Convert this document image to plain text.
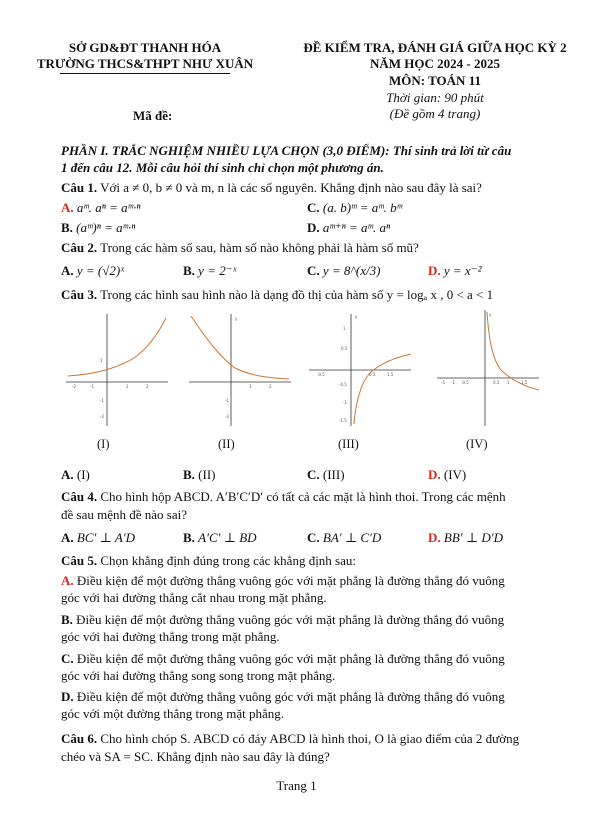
SỞ GD&ĐT THANH HÓA
TRƯỜNG THCS&THPT NHƯ XUÂN
ĐỀ KIỂM TRA, ĐÁNH GIÁ GIỮA HỌC KỲ 2
NĂM HỌC 2024 - 2025
MÔN: TOÁN 11
Thời gian: 90 phút
(Đề gồm 4 trang)
Mã đề:
PHẦN I. TRẮC NGHIỆM NHIỀU LỰA CHỌN (3,0 ĐIỂM): Thí sinh trả lời từ câu
1 đến câu 12. Mỗi câu hỏi thí sinh chỉ chọn một phương án.
Câu 1. Với a ≠ 0, b ≠ 0 và m, n là các số nguyên. Khẳng định nào sau đây là sai?
A. aᵐ. aⁿ = aᵐ·ⁿ	C. (a. b)ᵐ = aᵐ. bᵐ
B. (aᵐ)ⁿ = aᵐ·ⁿ	D. aᵐ⁺ⁿ = aᵐ. aⁿ
Câu 2. Trong các hàm số sau, hàm số nào không phải là hàm số mũ?
A. y = (√2)ˣ	B. y = 2⁻ˣ	C. y = 8^(x/3)	D. y = x⁻²
Câu 3. Trong các hình sau hình nào là dạng đồ thị của hàm số y = logₐ x , 0 < a < 1
-2	-1	1	2
1
-1
-2
(I)
y
1	2
-1
-2
(II)
y
1
0.5
-0.5
-1
-1.5
-0.5	0.5	1.5
(III)
y
-5 -1 -0.5	0.5 1	1.5
(IV)
A. (I)	B. (II)	C. (III)	D. (IV)
Câu 4. Cho hình hộp ABCD. A′B′C′D′ có tất cả các mặt là hình thoi. Trong các mệnh
đề sau mệnh đề nào sai?
A. BC′ ⊥ A′D	B. A′C′ ⊥ BD	C. BA′ ⊥ C′D	D. BB′ ⊥ D′D
Câu 5. Chọn khẳng định đúng trong các khẳng định sau:
A. Điều kiện để một đường thẳng vuông góc với mặt phẳng là đường thẳng đó vuông
góc với hai đường thẳng cắt nhau trong mặt phẳng.
B. Điều kiện để một đường thẳng vuông góc với mặt phẳng là đường thẳng đó vuông
góc với hai đường thẳng trong mặt phẳng.
C. Điều kiện để một đường thẳng vuông góc với mặt phẳng là đường thẳng đó vuông
góc với hai đường thẳng song song trong mặt phẳng.
D. Điều kiện để một đường thẳng vuông góc với mặt phẳng là đường thẳng đó vuông
góc với một đường thẳng trong mặt phẳng.
Câu 6. Cho hình chóp S. ABCD có đáy ABCD là hình thoi, O là giao điểm của 2 đường
chéo và SA = SC. Khẳng định nào sau đây là đúng?
Trang 1
